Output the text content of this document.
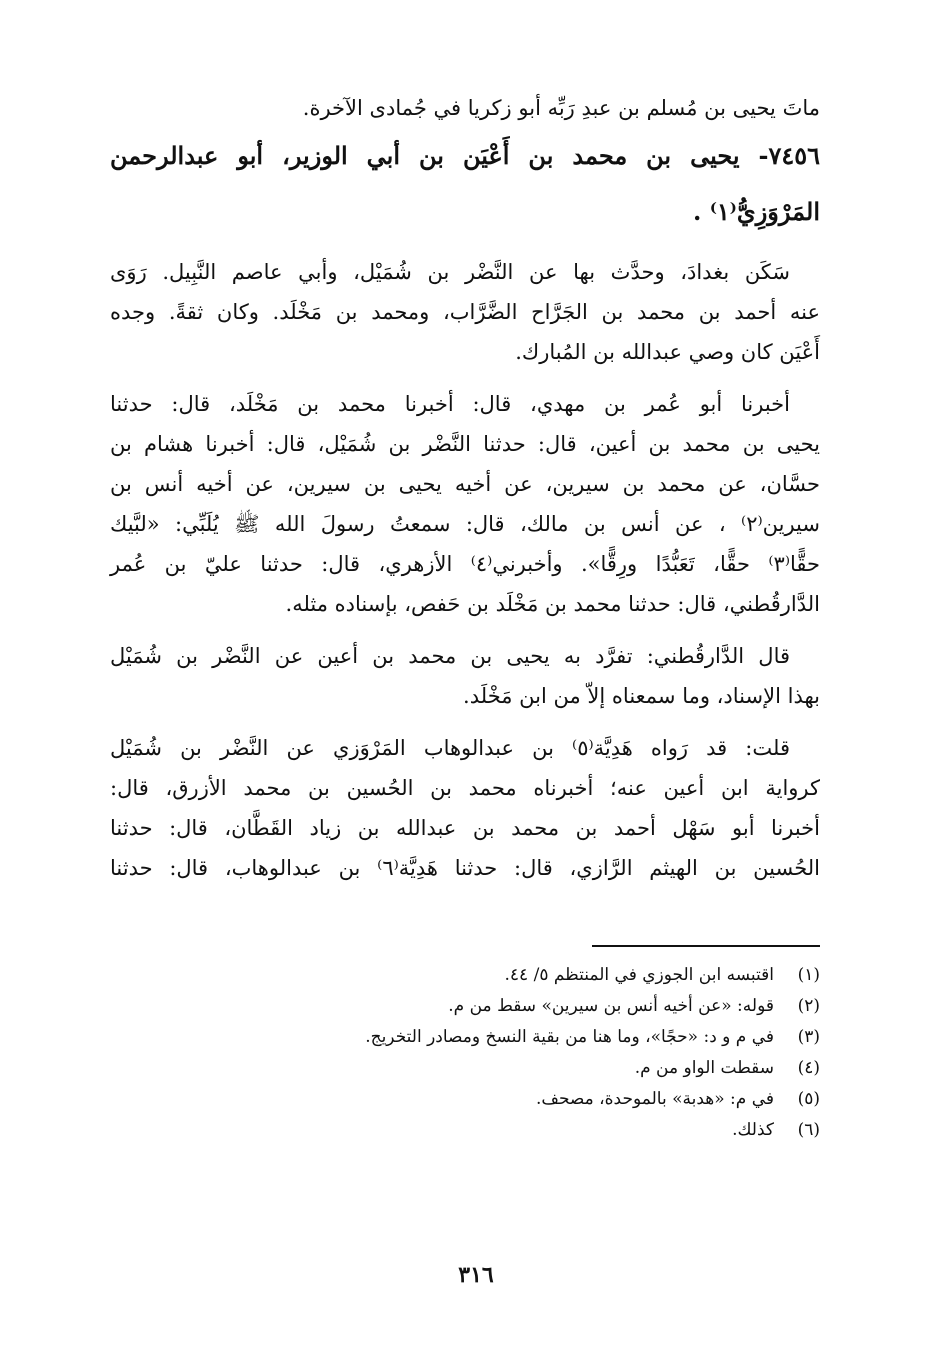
ماتَ يحيى بن مُسلم بن عبدِ رَبِّه أبو زكريا في جُمادى الآخرة.
٧٤٥٦- يحيى بن محمد بن أَعْيَن بن أبي الوزير، أبو عبدالرحمن
المَرْوَزِيُّ⁽١⁾ .
سَكَن بغدادَ، وحدَّث بها عن النَّضْر بن شُمَيْل، وأبي عاصم النَّبِيل. رَوَى
عنه أحمد بن محمد بن الجَرَّاح الضَّرَّاب، ومحمد بن مَخْلَد. وكان ثقةً. وجده
أَعْيَن كان وصي عبدالله بن المُبارك.
أخبرنا أبو عُمر بن مهدي، قال: أخبرنا محمد بن مَخْلَد، قال: حدثنا
يحيى بن محمد بن أعين، قال: حدثنا النَّضْر بن شُمَيْل، قال: أخبرنا هشام بن
حسَّان، عن محمد بن سيرين، عن أخيه يحيى بن سيرين، عن أخيه أنس بن
سيرين⁽٢⁾ ، عن أنس بن مالك، قال: سمعتُ رسولَ الله ﷺ يُلَبِّي: «لبَّيك
حقًّا⁽٣⁾ حقًّا، تَعَبُّدًا ورِقًّا». وأخبرني⁽٤⁾ الأزهري، قال: حدثنا عليّ بن عُمر
الدَّارقُطني، قال: حدثنا محمد بن مَخْلَد بن حَفص، بإسناده مثله.
قال الدَّارقُطني: تفرَّد به يحيى بن محمد بن أعين عن النَّضْر بن شُمَيْل
بهذا الإسناد، وما سمعناه إلاّ من ابن مَخْلَد.
قلت: قد رَواه هَدِيَّة⁽٥⁾ بن عبدالوهاب المَرْوَزي عن النَّضْر بن شُمَيْل
كرواية ابن أعين عنه؛ أخبرناه محمد بن الحُسين بن محمد الأزرق، قال:
أخبرنا أبو سَهْل أحمد بن محمد بن عبدالله بن زياد القَطَّان، قال: حدثنا
الحُسين بن الهيثم الرَّازي، قال: حدثنا هَدِيَّة⁽٦⁾ بن عبدالوهاب، قال: حدثنا
(١)
اقتبسه ابن الجوزي في المنتظم ٥/ ٤٤.
(٢)
قوله: «عن أخيه أنس بن سيرين» سقط من م.
(٣)
في م و د: «حجًا»، وما هنا من بقية النسخ ومصادر التخريج.
(٤)
سقطت الواو من م.
(٥)
في م: «هدبة» بالموحدة، مصحف.
(٦)
كذلك.
٣١٦
